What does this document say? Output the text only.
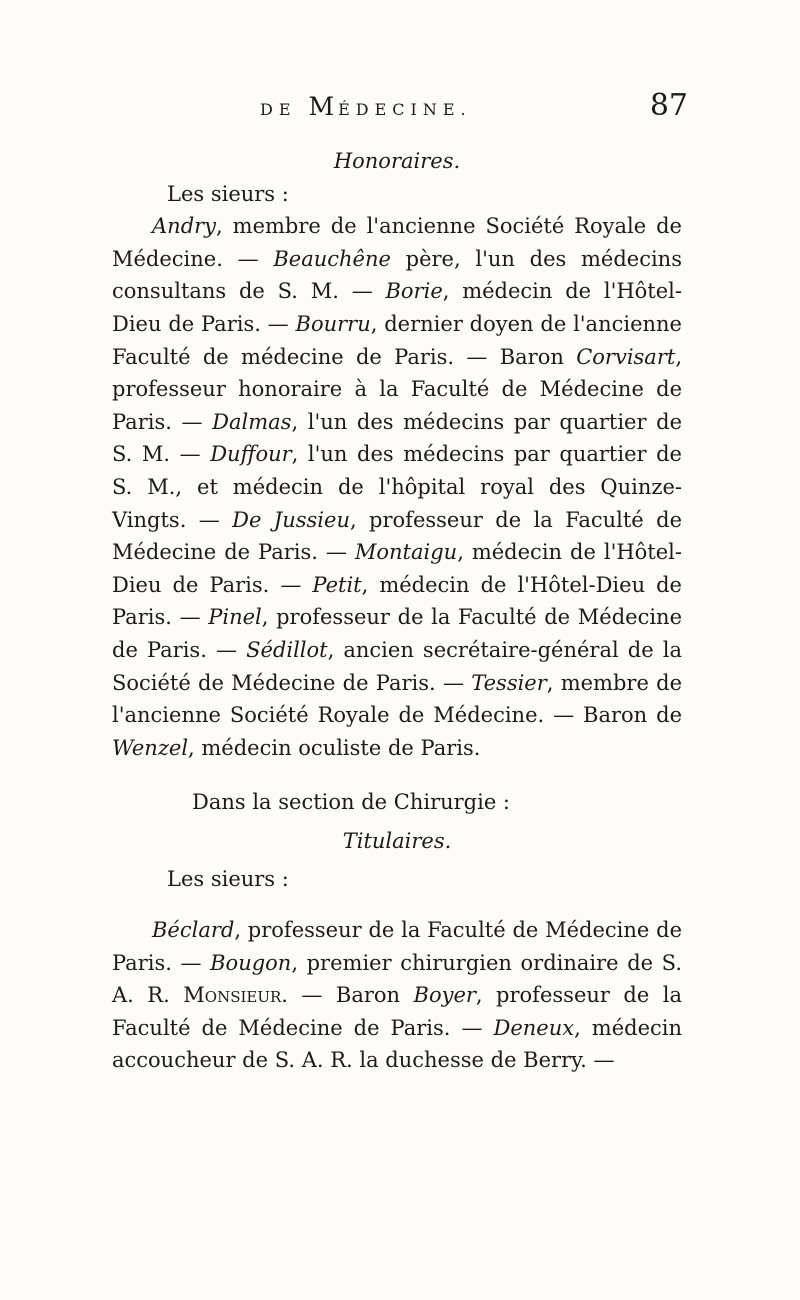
DE MÉDECINE.	87
Honoraires.

Les sieurs :

Andry, membre de l'ancienne Société Royale de Médecine. — Beauchêne père, l'un des médecins consultans de S. M. — Borie, médecin de l'Hôtel-Dieu de Paris. — Bourru, dernier doyen de l'ancienne Faculté de médecine de Paris. — Baron Corvisart, professeur honoraire à la Faculté de Médecine de Paris. — Dalmas, l'un des médecins par quartier de S. M. — Duffour, l'un des médecins par quartier de S. M., et médecin de l'hôpital royal des Quinze-Vingts. — De Jussieu, professeur de la Faculté de Médecine de Paris. — Montaigu, médecin de l'Hôtel-Dieu de Paris. — Petit, médecin de l'Hôtel-Dieu de Paris. — Pinel, professeur de la Faculté de Médecine de Paris. — Sédillot, ancien secrétaire-général de la Société de Médecine de Paris. — Tessier, membre de l'ancienne Société Royale de Médecine. — Baron de Wenzel, médecin oculiste de Paris.

Dans la section de Chirurgie :

Titulaires.

Les sieurs :

Béclard, professeur de la Faculté de Médecine de Paris. — Bougon, premier chirurgien ordinaire de S. A. R. Monsieur. — Baron Boyer, professeur de la Faculté de Médecine de Paris. — Deneux, médecin accoucheur de S. A. R. la duchesse de Berry. —
